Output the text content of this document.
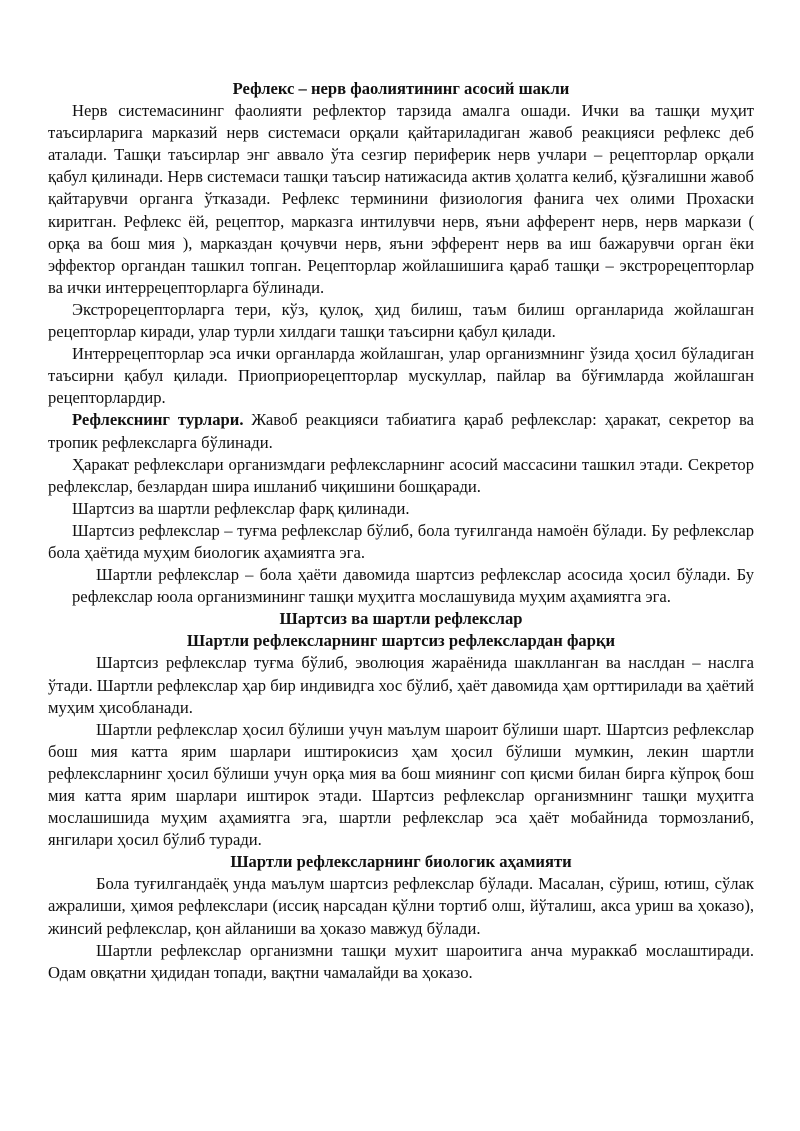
Рефлекс – нерв фаолиятининг асосий шакли

Нерв системасининг фаолияти рефлектор тарзида амалга ошади. Ички ва ташқи муҳит таъсирларига марказий нерв системаси орқали қайтариладиган жавоб реакцияси рефлекс деб аталади. Ташқи таъсирлар энг аввало ўта сезгир периферик нерв учлари – рецепторлар орқали қабул қилинади. Нерв системаси ташқи таъсир натижасида актив ҳолатга келиб, қўзғалишни жавоб қайтарувчи органга ўтказади. Рефлекс терминини физиология фанига чех олими Прохаски киритган. Рефлекс ёй, рецептор, марказга интилувчи нерв, яъни афферент нерв, нерв маркази ( орқа ва бош мия ), марказдан қочувчи нерв, яъни эфферент нерв ва иш бажарувчи орган ёки эффектор органдан ташкил топган. Рецепторлар жойлашишига қараб ташқи – экстрорецепторлар ва ички интеррецепторларга бўлинади.

Экстрорецепторларга тери, кўз, қулоқ, ҳид билиш, таъм билиш органларида жойлашган рецепторлар киради, улар турли хилдаги ташқи таъсирни қабул қилади.

Интеррецепторлар эса ички органларда жойлашган, улар организмнинг ўзида ҳосил бўладиган таъсирни қабул қилади. Приоприорецепторлар мускуллар, пайлар ва бўғимларда жойлашган рецепторлардир.

Рефлекснинг турлари. Жавоб реакцияси табиатига қараб рефлекслар: ҳаракат, секретор ва тропик рефлексларга бўлинади.

Ҳаракат рефлекслари организмдаги рефлексларнинг асосий массасини ташкил этади. Секретор рефлекслар, безлардан шира ишланиб чиқишини бошқаради.

Шартсиз ва шартли рефлекслар фарқ қилинади.

Шартсиз рефлекслар – туғма рефлекслар бўлиб, бола туғилганда намоён бўлади. Бу рефлекслар бола ҳаётида муҳим биологик аҳамиятга эга.

Шартли рефлекслар – бола ҳаёти давомида шартсиз рефлекслар асосида ҳосил бўлади. Бу рефлекслар юола организмининг ташқи муҳитга мослашувида муҳим аҳамиятга эга.

Шартсиз ва шартли рефлекслар

Шартли рефлексларнинг шартсиз рефлекслардан фарқи

Шартсиз рефлекслар туғма бўлиб, эволюция жараёнида шаклланган ва наслдан – наслга ўтади. Шартли рефлекслар ҳар бир индивидга хос бўлиб, ҳаёт давомида ҳам орттирилади ва ҳаётий муҳим ҳисобланади.

Шартли рефлекслар ҳосил бўлиши учун маълум шароит бўлиши шарт. Шартсиз рефлекслар бош мия катта ярим шарлари иштирокисиз ҳам ҳосил бўлиши мумкин, лекин шартли рефлексларнинг ҳосил бўлиши учун орқа мия ва бош миянинг соп қисми билан бирга кўпроқ бош мия катта ярим шарлари иштирок этади. Шартсиз рефлекслар организмнинг ташқи муҳитга мослашишида муҳим аҳамиятга эга, шартли рефлекслар эса ҳаёт мобайнида тормозланиб, янгилари ҳосил бўлиб туради.

Шартли рефлексларнинг биологик аҳамияти

Бола туғилгандаёқ унда маълум шартсиз рефлекслар бўлади. Масалан, сўриш, ютиш, сўлак ажралиши, ҳимоя рефлекслари (иссиқ нарсадан қўлни тортиб олш, йўталиш, акса уриш ва ҳоказо), жинсий рефлекслар, қон айланиши ва ҳоказо мавжуд бўлади.

Шартли рефлекслар организмни ташқи мухит шароитига анча мураккаб мослаштиради. Одам овқатни ҳидидан топади, вақтни чамалайди ва ҳоказо.
